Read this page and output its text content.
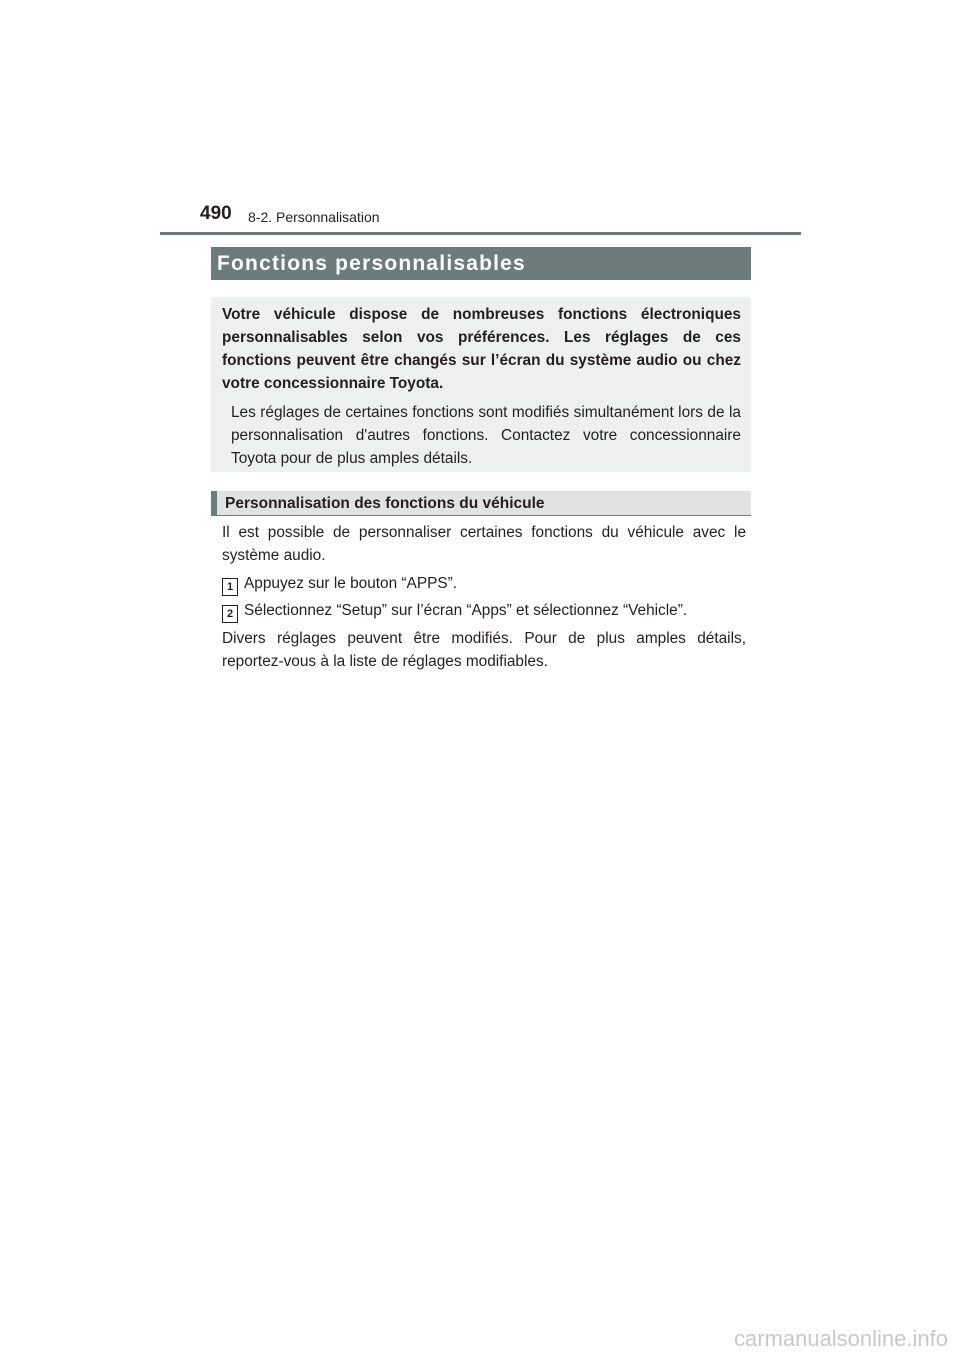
490 8-2. Personnalisation
Fonctions personnalisables

Votre véhicule dispose de nombreuses fonctions électroniques personnalisables selon vos préférences. Les réglages de ces fonctions peuvent être changés sur l’écran du système audio ou chez votre concessionnaire Toyota.

Les réglages de certaines fonctions sont modifiés simultanément lors de la personnalisation d'autres fonctions. Contactez votre concessionnaire Toyota pour de plus amples détails.

Personnalisation des fonctions du véhicule

Il est possible de personnaliser certaines fonctions du véhicule avec le système audio.

1 Appuyez sur le bouton “APPS”.
2 Sélectionnez “Setup” sur l’écran “Apps” et sélectionnez “Vehicle”.

Divers réglages peuvent être modifiés. Pour de plus amples détails, reportez-vous à la liste de réglages modifiables.

carmanualsonline.info
